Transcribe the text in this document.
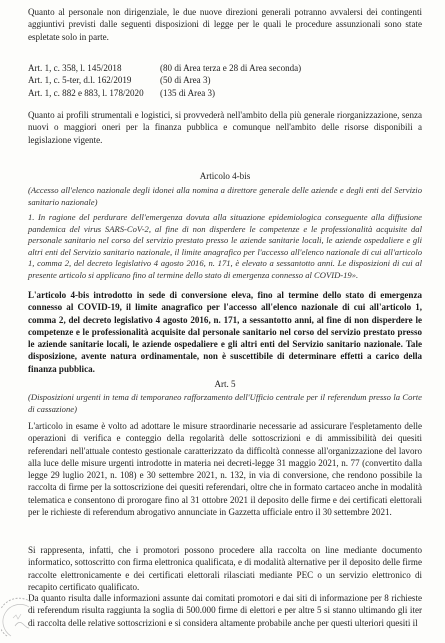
Quanto al personale non dirigenziale, le due nuove direzioni generali potranno avvalersi dei contingenti aggiuntivi previsti dalle seguenti disposizioni di legge per le quali le procedure assunzionali sono state espletate solo in parte.

Art. 1, c. 358, l. 145/2018	(80 di Area terza e 28 di Area seconda)
Art. 1, c. 5-ter, d.l. 162/2019	(50 di Area 3)
Art. 1, c. 882 e 883, l. 178/2020	(135 di Area 3)

Quanto ai profili strumentali e logistici, si provvederà nell'ambito della più generale riorganizzazione, senza nuovi o maggiori oneri per la finanza pubblica e comunque nell'ambito delle risorse disponibili a legislazione vigente.

Articolo 4-bis

(Accesso all'elenco nazionale degli idonei alla nomina a direttore generale delle aziende e degli enti del Servizio sanitario nazionale)

1. In ragione del perdurare dell'emergenza dovuta alla situazione epidemiologica conseguente alla diffusione pandemica del virus SARS-CoV-2, al fine di non disperdere le competenze e le professionalità acquisite dal personale sanitario nel corso del servizio prestato presso le aziende sanitarie locali, le aziende ospedaliere e gli altri enti del Servizio sanitario nazionale, il limite anagrafico per l'accesso all'elenco nazionale di cui all'articolo 1, comma 2, del decreto legislativo 4 agosto 2016, n. 171, è elevato a sessantotto anni. Le disposizioni di cui al presente articolo si applicano fino al termine dello stato di emergenza connesso al COVID-19».

L'articolo 4-bis introdotto in sede di conversione eleva, fino al termine dello stato di emergenza connesso al COVID-19, il limite anagrafico per l'accesso all'elenco nazionale di cui all'articolo 1, comma 2, del decreto legislativo 4 agosto 2016, n. 171, a sessantotto anni, al fine di non disperdere le competenze e le professionalità acquisite dal personale sanitario nel corso del servizio prestato presso le aziende sanitarie locali, le aziende ospedaliere e gli altri enti del Servizio sanitario nazionale. Tale disposizione, avente natura ordinamentale, non è suscettibile di determinare effetti a carico della finanza pubblica.

Art. 5

(Disposizioni urgenti in tema di temporaneo rafforzamento dell'Ufficio centrale per il referendum presso la Corte di cassazione)

L'articolo in esame è volto ad adottare le misure straordinarie necessarie ad assicurare l'espletamento delle operazioni di verifica e conteggio della regolarità delle sottoscrizioni e di ammissibilità dei quesiti referendari nell'attuale contesto gestionale caratterizzato da difficoltà connesse all'organizzazione del lavoro alla luce delle misure urgenti introdotte in materia nei decreti-legge 31 maggio 2021, n. 77 (convertito dalla legge 29 luglio 2021, n. 108) e 30 settembre 2021, n. 132, in via di conversione, che rendono possibile la raccolta di firme per la sottoscrizione dei quesiti referendari, oltre che in formato cartaceo anche in modalità telematica e consentono di prorogare fino al 31 ottobre 2021 il deposito delle firme e dei certificati elettorali per le richieste di referendum abrogativo annunciate in Gazzetta ufficiale entro il 30 settembre 2021.

Si rappresenta, infatti, che i promotori possono procedere alla raccolta on line mediante documento informatico, sottoscritto con firma elettronica qualificata, e di modalità alternative per il deposito delle firme raccolte elettronicamente e dei certificati elettorali rilasciati mediante PEC o un servizio elettronico di recapito certificato qualificato.

Da quanto risulta dalle informazioni assunte dai comitati promotori e dai siti di informazione per 8 richieste di referendum risulta raggiunta la soglia di 500.000 firme di elettori e per altre 5 si stanno ultimando gli iter di raccolta delle relative sottoscrizioni e si considera altamente probabile anche per questi ulteriori quesiti il
